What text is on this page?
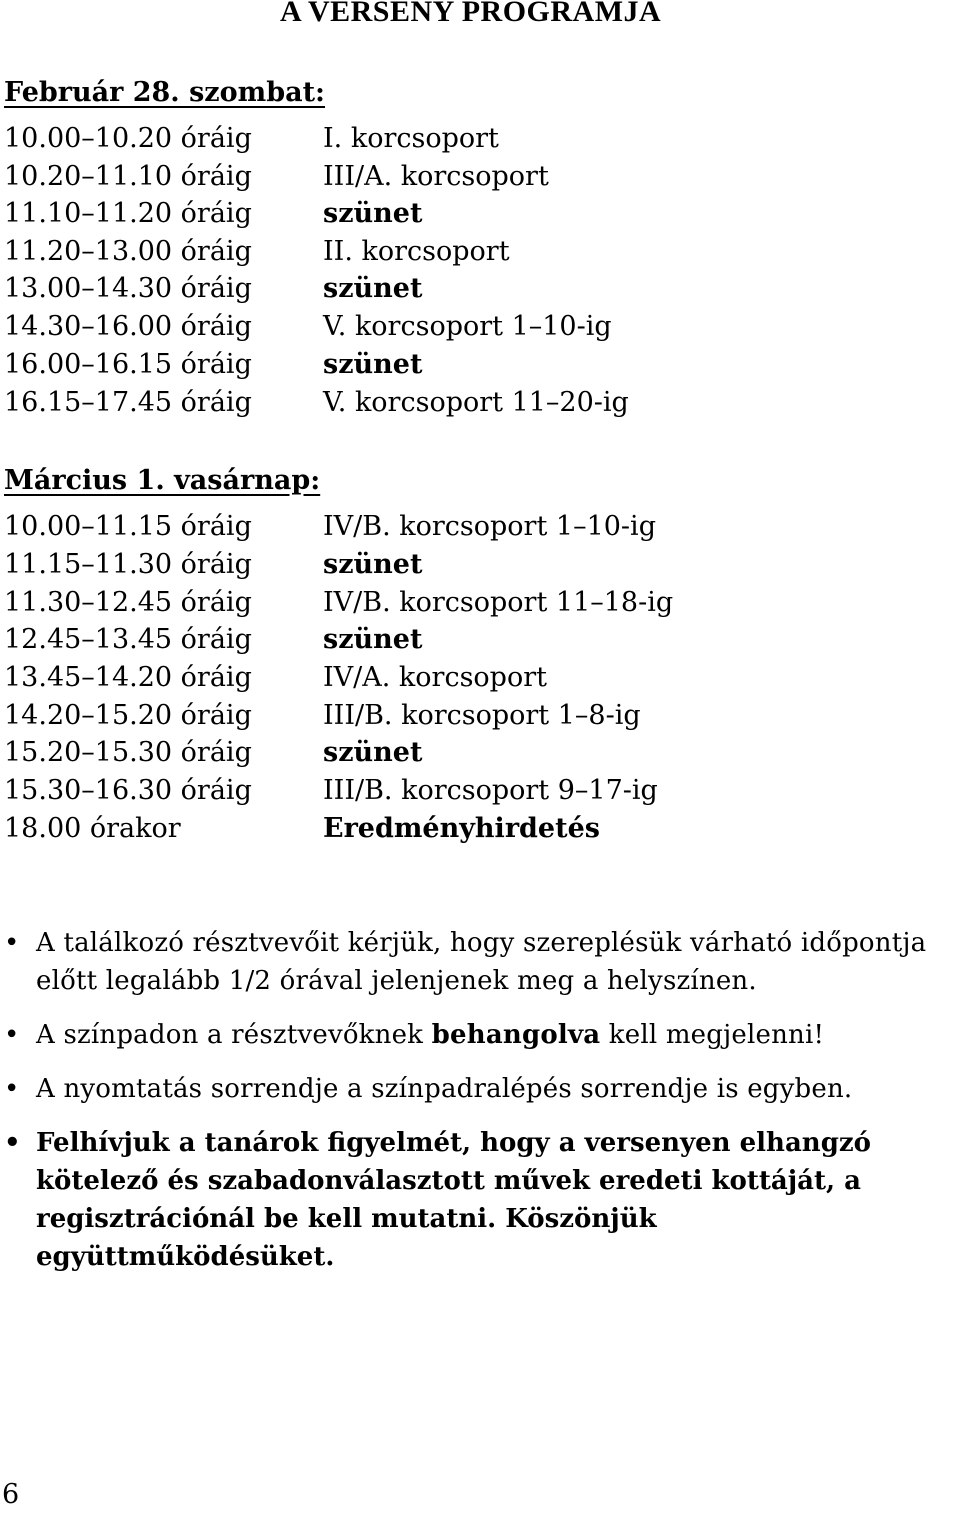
A VERSENY PROGRAMJA
Február 28. szombat:
10.00–10.20 óráig	I. korcsoport
10.20–11.10 óráig	III/A. korcsoport
11.10–11.20 óráig	szünet
11.20–13.00 óráig	II. korcsoport
13.00–14.30 óráig	szünet
14.30–16.00 óráig	V. korcsoport 1–10-ig
16.00–16.15 óráig	szünet
16.15–17.45 óráig	V. korcsoport 11–20-ig
Március 1. vasárnap:
10.00–11.15 óráig	IV/B. korcsoport 1–10-ig
11.15–11.30 óráig	szünet
11.30–12.45 óráig	IV/B. korcsoport 11–18-ig
12.45–13.45 óráig	szünet
13.45–14.20 óráig	IV/A. korcsoport
14.20–15.20 óráig	III/B. korcsoport 1–8-ig
15.20–15.30 óráig	szünet
15.30–16.30 óráig	III/B. korcsoport 9–17-ig
18.00 órakor	Eredményhirdetés
• A találkozó résztvevőit kérjük, hogy szereplésük várható időpontja előtt legalább 1/2 órával jelenjenek meg a helyszínen.
• A színpadon a résztvevőknek behangolva kell megjelenni!
• A nyomtatás sorrendje a színpadralépés sorrendje is egyben.
• Felhívjuk a tanárok figyelmét, hogy a versenyen elhangzó kötelező és szabadonválasztott művek eredeti kottáját, a regisztrációnál be kell mutatni. Köszönjük együttműködésüket.
6
